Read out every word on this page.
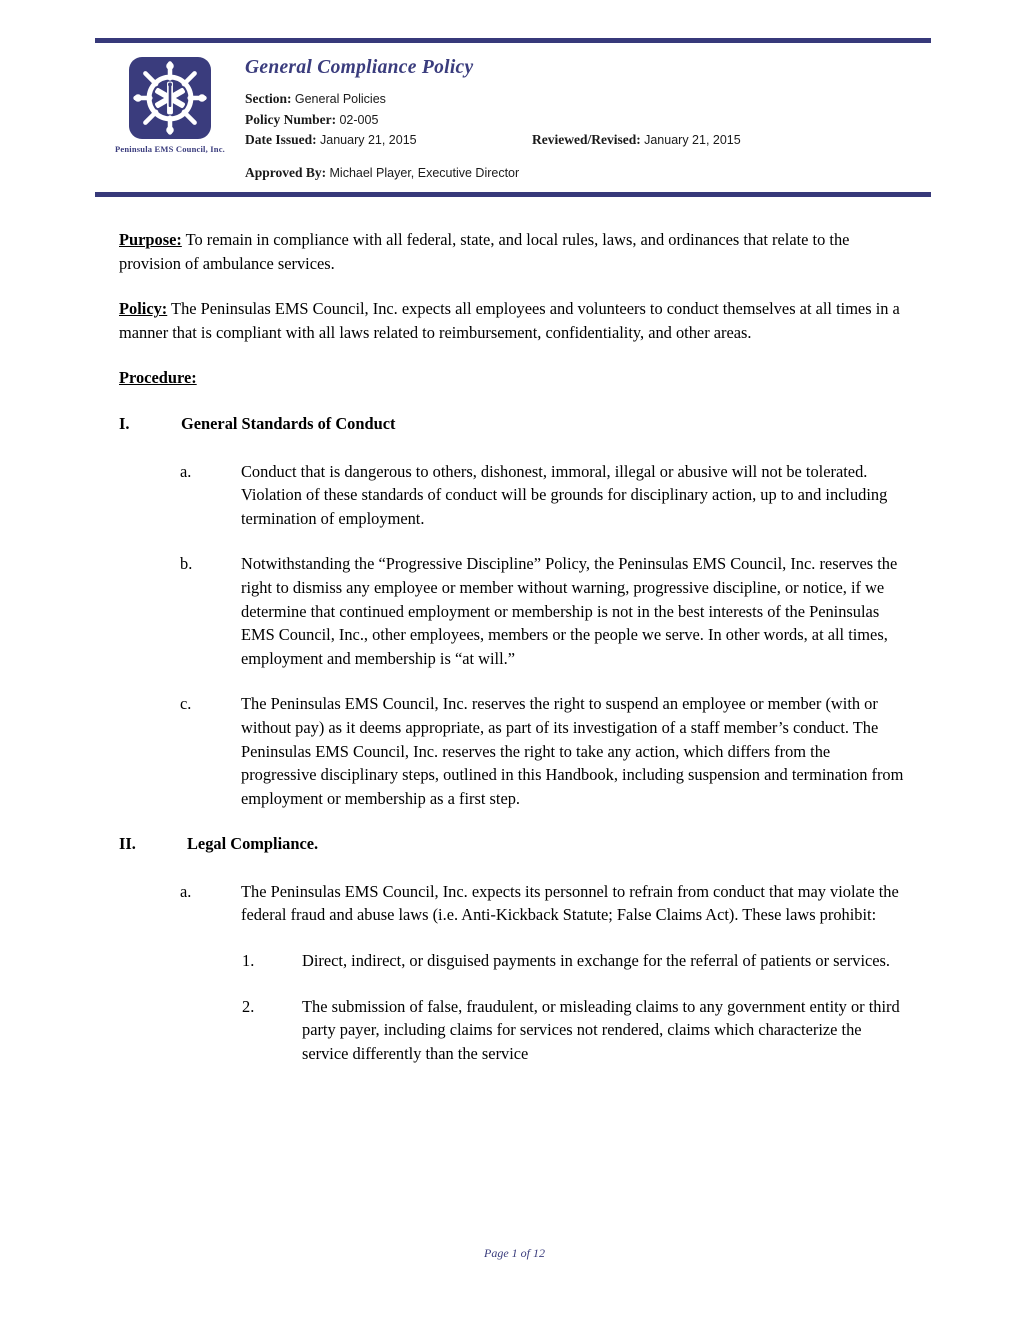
Peninsula EMS Council, Inc.
General Compliance Policy
Section: General Policies
Policy Number: 02-005
Date Issued: January 21, 2015	Reviewed/Revised: January 21, 2015
Approved By: Michael Player, Executive Director

Purpose: To remain in compliance with all federal, state, and local rules, laws, and ordinances that relate to the provision of ambulance services.

Policy: The Peninsulas EMS Council, Inc. expects all employees and volunteers to conduct themselves at all times in a manner that is compliant with all laws related to reimbursement, confidentiality, and other areas.

Procedure:

I.	General Standards of Conduct
a.	Conduct that is dangerous to others, dishonest, immoral, illegal or abusive will not be tolerated. Violation of these standards of conduct will be grounds for disciplinary action, up to and including termination of employment.
b.	Notwithstanding the “Progressive Discipline” Policy, the Peninsulas EMS Council, Inc. reserves the right to dismiss any employee or member without warning, progressive discipline, or notice, if we determine that continued employment or membership is not in the best interests of the Peninsulas EMS Council, Inc., other employees, members or the people we serve. In other words, at all times, employment and membership is “at will.”
c.	The Peninsulas EMS Council, Inc. reserves the right to suspend an employee or member (with or without pay) as it deems appropriate, as part of its investigation of a staff member’s conduct. The Peninsulas EMS Council, Inc. reserves the right to take any action, which differs from the progressive disciplinary steps, outlined in this Handbook, including suspension and termination from employment or membership as a first step.
II.	Legal Compliance.
a.	The Peninsulas EMS Council, Inc. expects its personnel to refrain from conduct that may violate the federal fraud and abuse laws (i.e. Anti-Kickback Statute; False Claims Act). These laws prohibit:
1.	Direct, indirect, or disguised payments in exchange for the referral of patients or services.
2.	The submission of false, fraudulent, or misleading claims to any government entity or third party payer, including claims for services not rendered, claims which characterize the service differently than the service
Page 1 of 12
